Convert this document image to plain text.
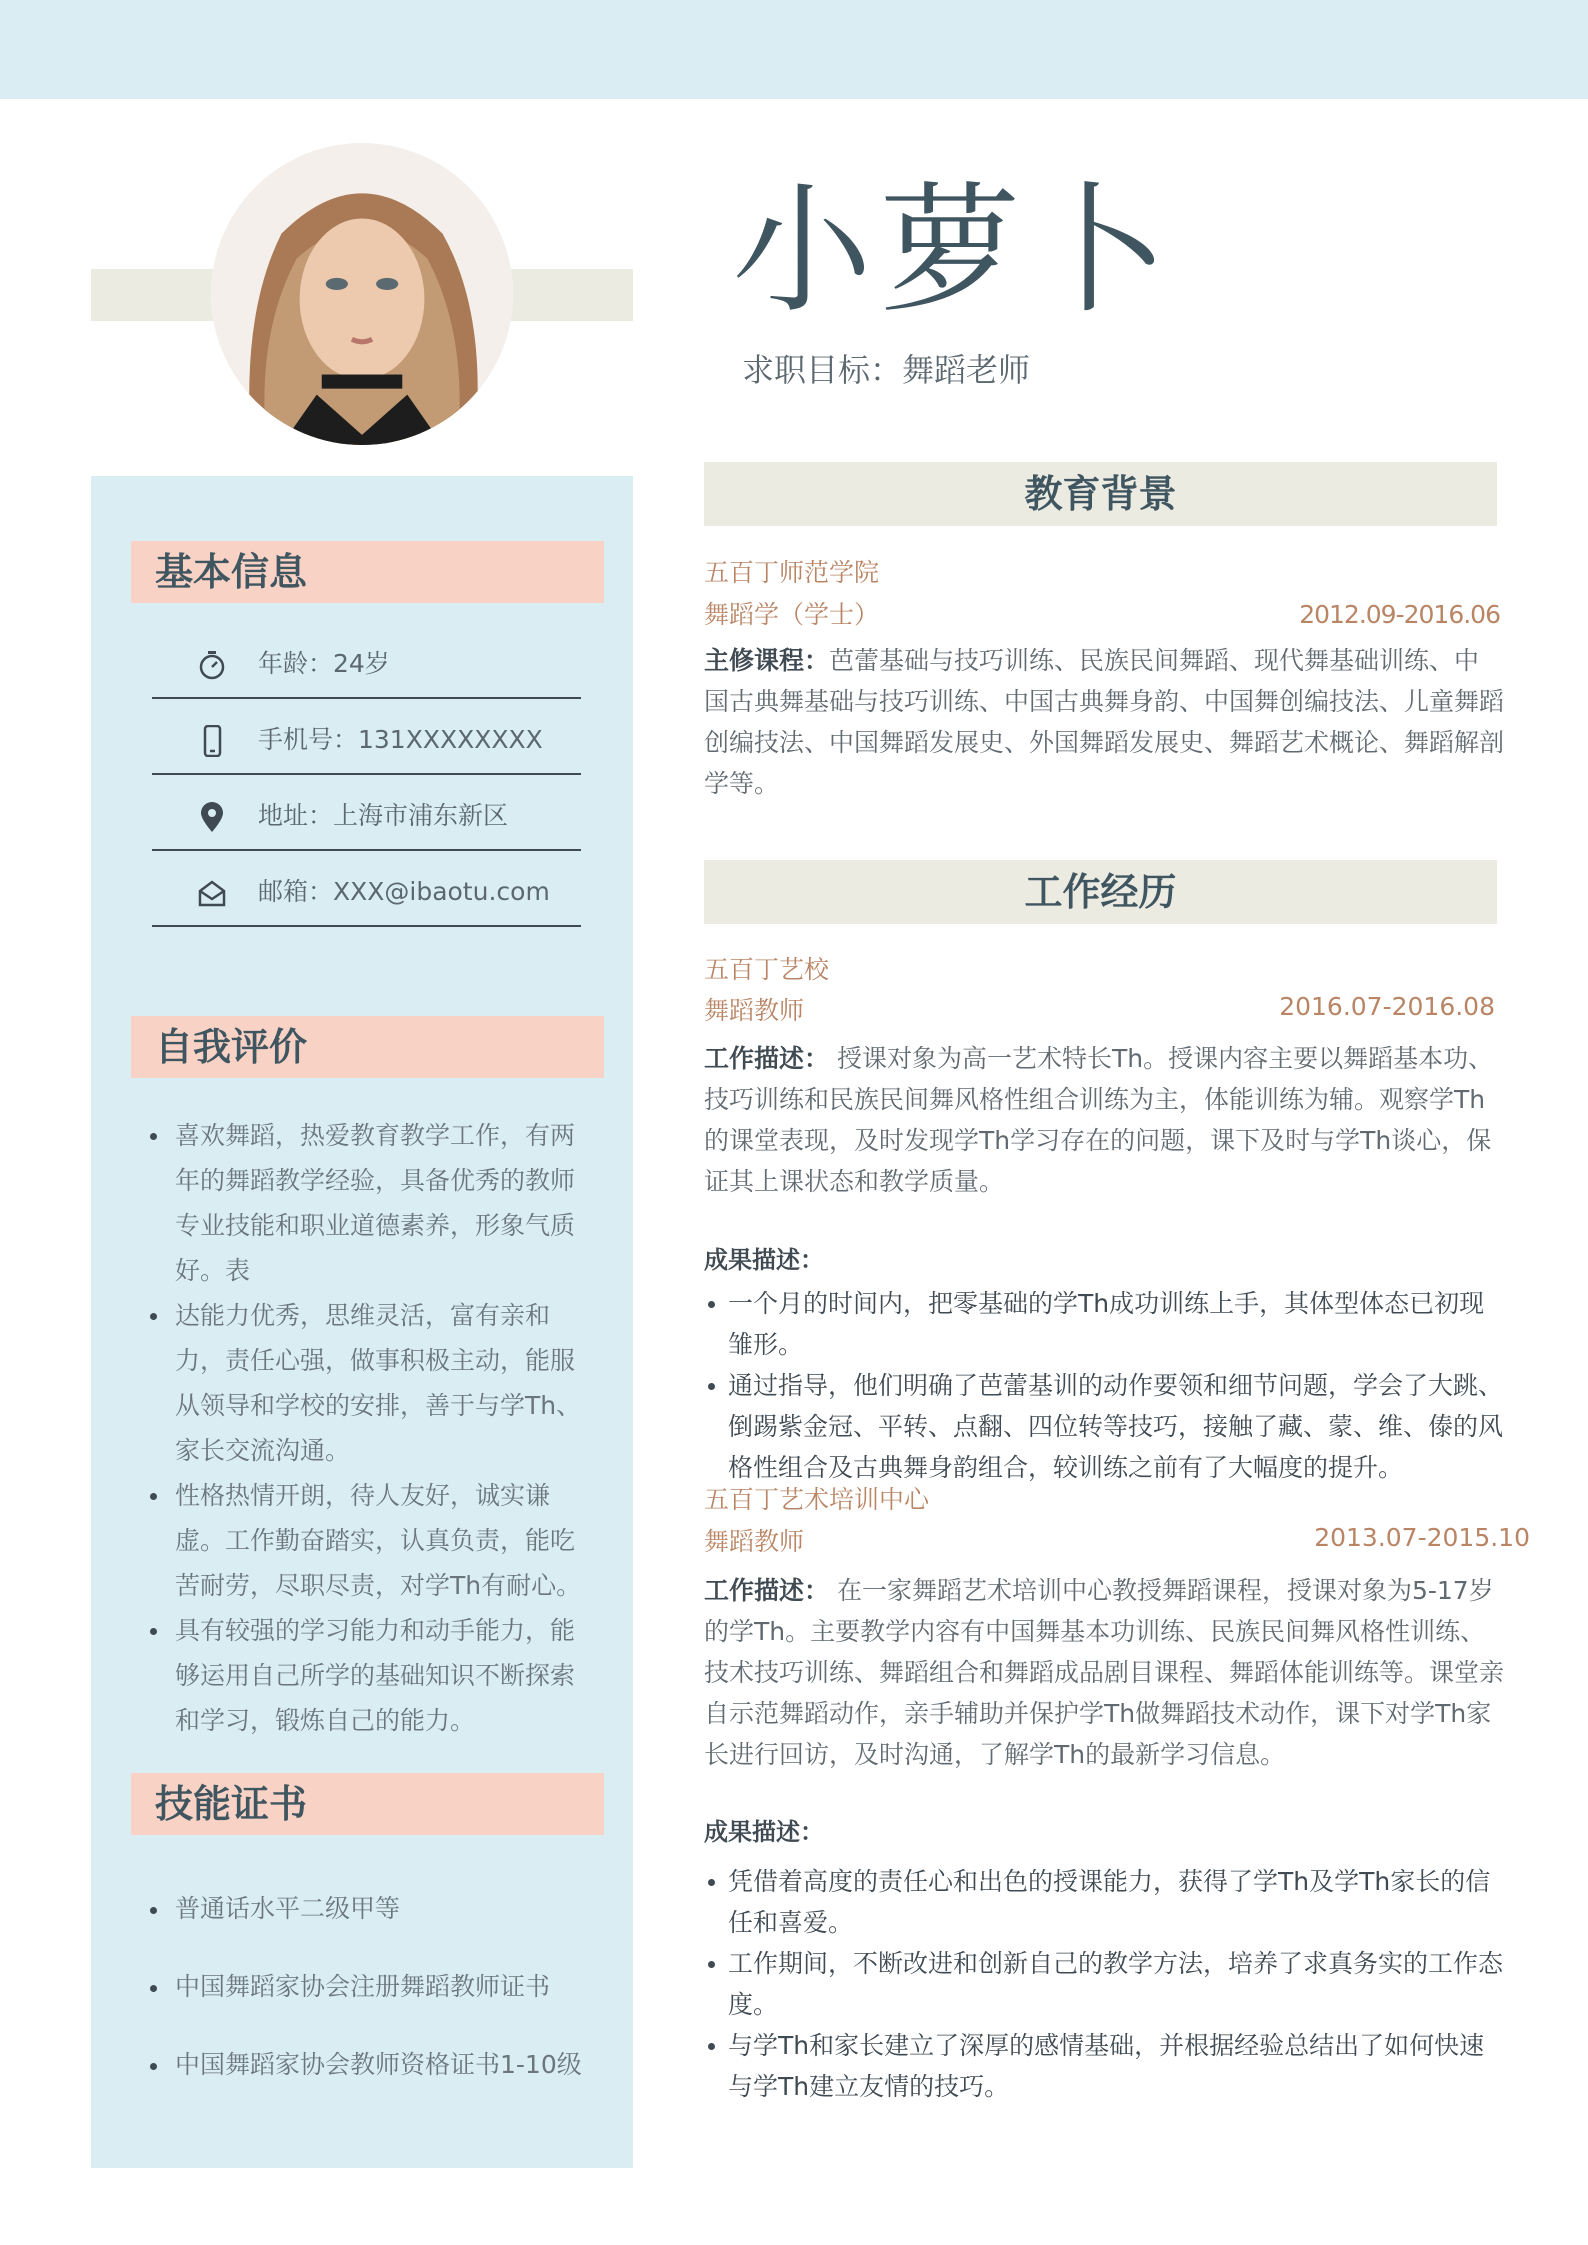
小萝卜
求职目标：舞蹈老师
基本信息
年龄：24岁
手机号：131XXXXXXXX
地址：上海市浦东新区
邮箱：XXX@ibaotu.com
自我评价
喜欢舞蹈，热爱教育教学工作，有两年的舞蹈教学经验，具备优秀的教师专业技能和职业道德素养，形象气质好。表
达能力优秀，思维灵活，富有亲和力，责任心强，做事积极主动，能服从领导和学校的安排，善于与学Th、家长交流沟通。
性格热情开朗，待人友好，诚实谦虚。工作勤奋踏实，认真负责，能吃苦耐劳，尽职尽责，对学Th有耐心。
具有较强的学习能力和动手能力，能够运用自己所学的基础知识不断探索和学习，锻炼自己的能力。
技能证书
普通话水平二级甲等
中国舞蹈家协会注册舞蹈教师证书
中国舞蹈家协会教师资格证书1-10级
教育背景
五百丁师范学院
舞蹈学（学士）	2012.09-2016.06
主修课程：芭蕾基础与技巧训练、民族民间舞蹈、现代舞基础训练、中国古典舞基础与技巧训练、中国古典舞身韵、中国舞创编技法、儿童舞蹈创编技法、中国舞蹈发展史、外国舞蹈发展史、舞蹈艺术概论、舞蹈解剖学等。
工作经历
五百丁艺校
舞蹈教师	2016.07-2016.08
工作描述： 授课对象为高一艺术特长Th。授课内容主要以舞蹈基本功、技巧训练和民族民间舞风格性组合训练为主，体能训练为辅。观察学Th的课堂表现，及时发现学Th学习存在的问题，课下及时与学Th谈心，保证其上课状态和教学质量。
成果描述：
一个月的时间内，把零基础的学Th成功训练上手，其体型体态已初现雏形。
通过指导，他们明确了芭蕾基训的动作要领和细节问题，学会了大跳、倒踢紫金冠、平转、点翻、四位转等技巧，接触了藏、蒙、维、傣的风格性组合及古典舞身韵组合，较训练之前有了大幅度的提升。
五百丁艺术培训中心
舞蹈教师	2013.07-2015.10
工作描述： 在一家舞蹈艺术培训中心教授舞蹈课程，授课对象为5-17岁的学Th。主要教学内容有中国舞基本功训练、民族民间舞风格性训练、技术技巧训练、舞蹈组合和舞蹈成品剧目课程、舞蹈体能训练等。课堂亲自示范舞蹈动作，亲手辅助并保护学Th做舞蹈技术动作，课下对学Th家长进行回访，及时沟通，了解学Th的最新学习信息。
成果描述：
凭借着高度的责任心和出色的授课能力，获得了学Th及学Th家长的信任和喜爱。
工作期间，不断改进和创新自己的教学方法，培养了求真务实的工作态度。
与学Th和家长建立了深厚的感情基础，并根据经验总结出了如何快速与学Th建立友情的技巧。
